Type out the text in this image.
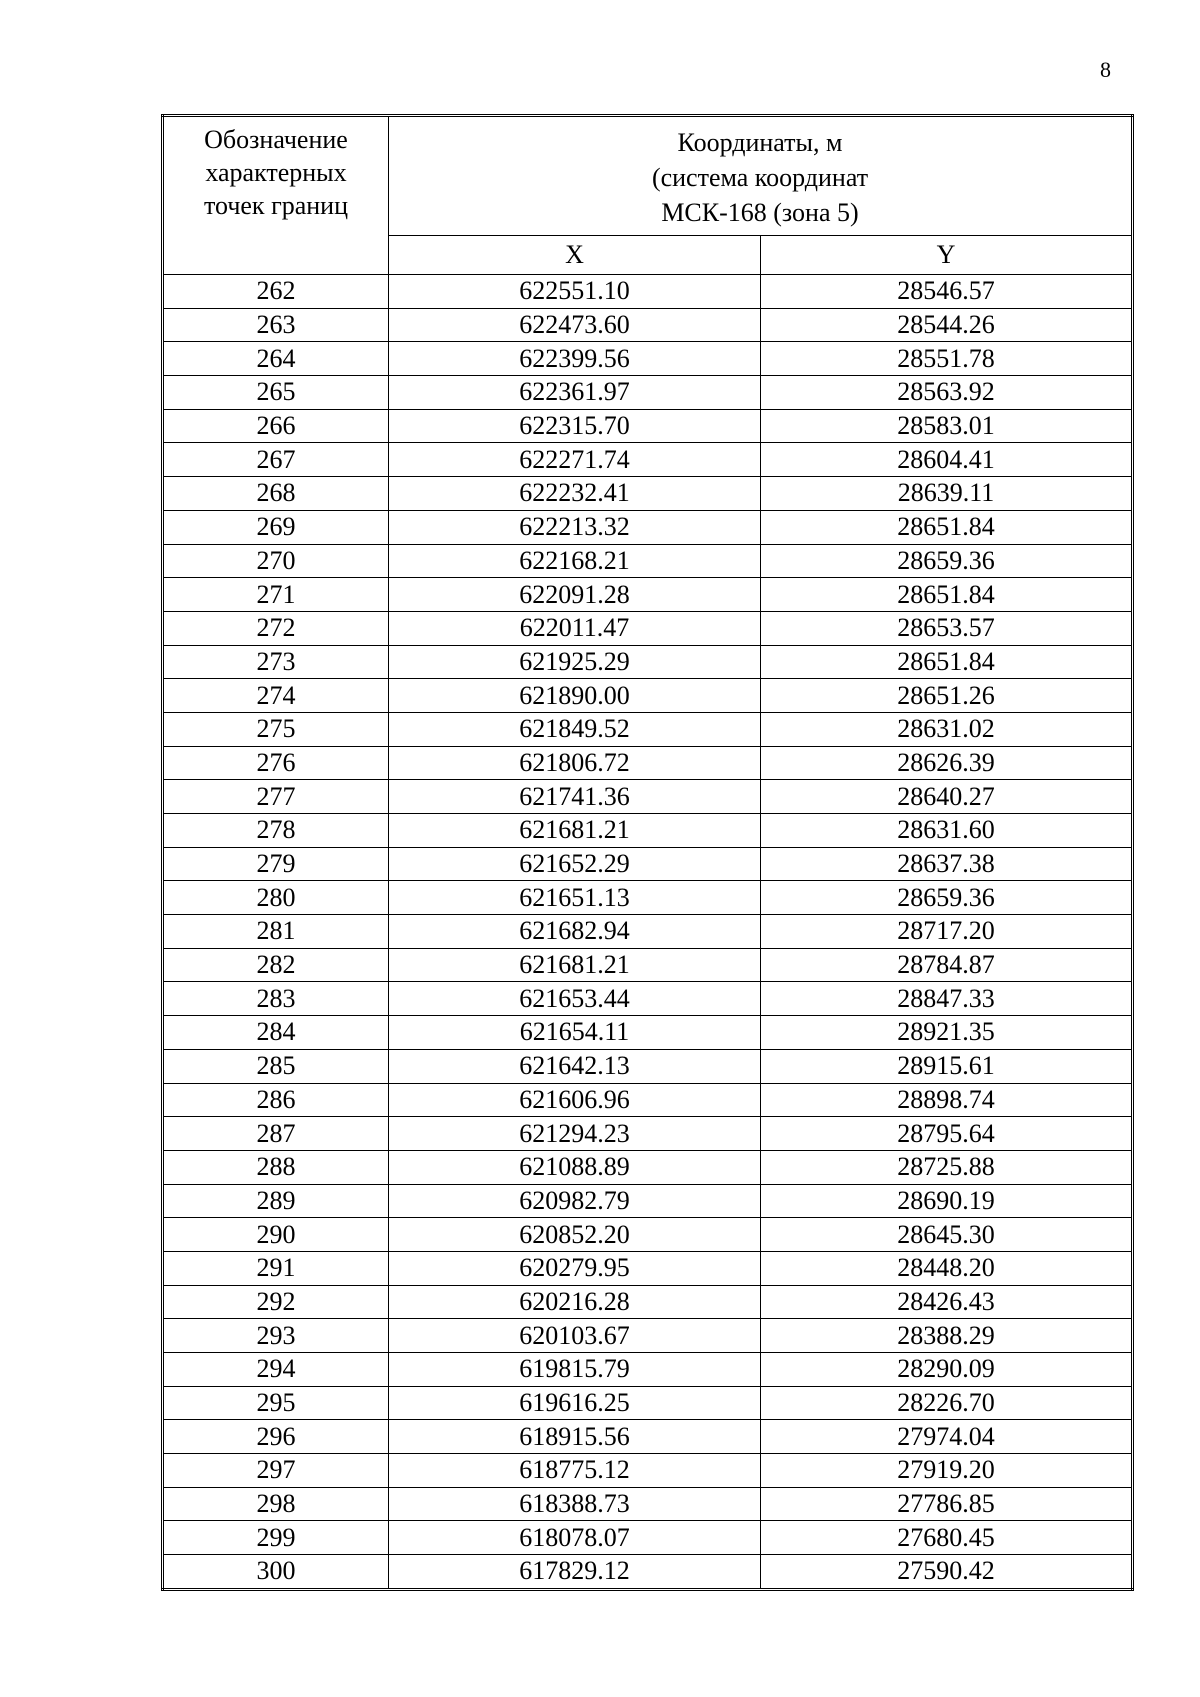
8
Обозначение
характерных
точек границ	Координаты, м
(система координат
МСК-168 (зона 5)	

	X	Y
262	622551.10	28546.57
263	622473.60	28544.26
264	622399.56	28551.78
265	622361.97	28563.92
266	622315.70	28583.01
267	622271.74	28604.41
268	622232.41	28639.11
269	622213.32	28651.84
270	622168.21	28659.36
271	622091.28	28651.84
272	622011.47	28653.57
273	621925.29	28651.84
274	621890.00	28651.26
275	621849.52	28631.02
276	621806.72	28626.39
277	621741.36	28640.27
278	621681.21	28631.60
279	621652.29	28637.38
280	621651.13	28659.36
281	621682.94	28717.20
282	621681.21	28784.87
283	621653.44	28847.33
284	621654.11	28921.35
285	621642.13	28915.61
286	621606.96	28898.74
287	621294.23	28795.64
288	621088.89	28725.88
289	620982.79	28690.19
290	620852.20	28645.30
291	620279.95	28448.20
292	620216.28	28426.43
293	620103.67	28388.29
294	619815.79	28290.09
295	619616.25	28226.70
296	618915.56	27974.04
297	618775.12	27919.20
298	618388.73	27786.85
299	618078.07	27680.45
300	617829.12	27590.42
